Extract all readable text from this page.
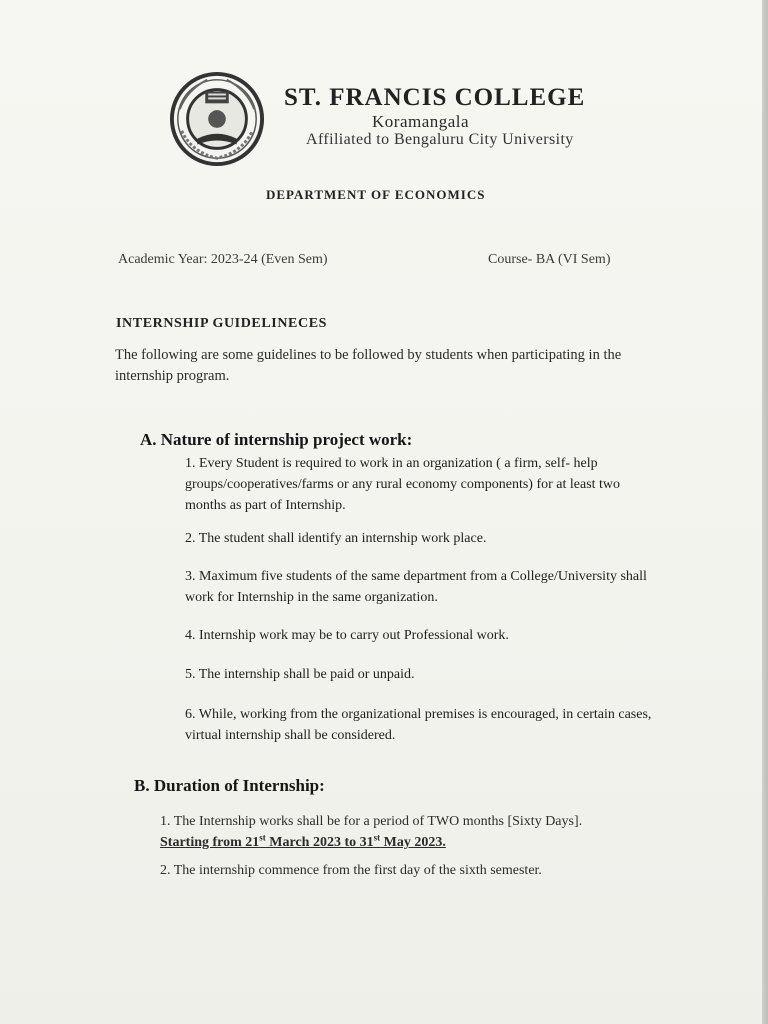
ST. FRANCIS COLLEGE
Koramangala
Affiliated to Bengaluru City University
DEPARTMENT OF ECONOMICS
Academic Year: 2023-24 (Even Sem)	Course- BA (VI Sem)
INTERNSHIP GUIDELINECES
The following are some guidelines to be followed by students when participating in the internship program.
A. Nature of internship project work:
1. Every Student is required to work in an organization ( a firm, self- help groups/cooperatives/farms or any rural economy components) for at least two months as part of Internship.
2. The student shall identify an internship work place.
3. Maximum five students of the same department from a College/University shall work for Internship in the same organization.
4. Internship work may be to carry out Professional work.
5. The internship shall be paid or unpaid.
6. While, working from the organizational premises is encouraged, in certain cases, virtual internship shall be considered.
B. Duration of Internship:
1. The Internship works shall be for a period of TWO months [Sixty Days].
Starting from 21st March 2023 to 31st May 2023.
2. The internship commence from the first day of the sixth semester.
